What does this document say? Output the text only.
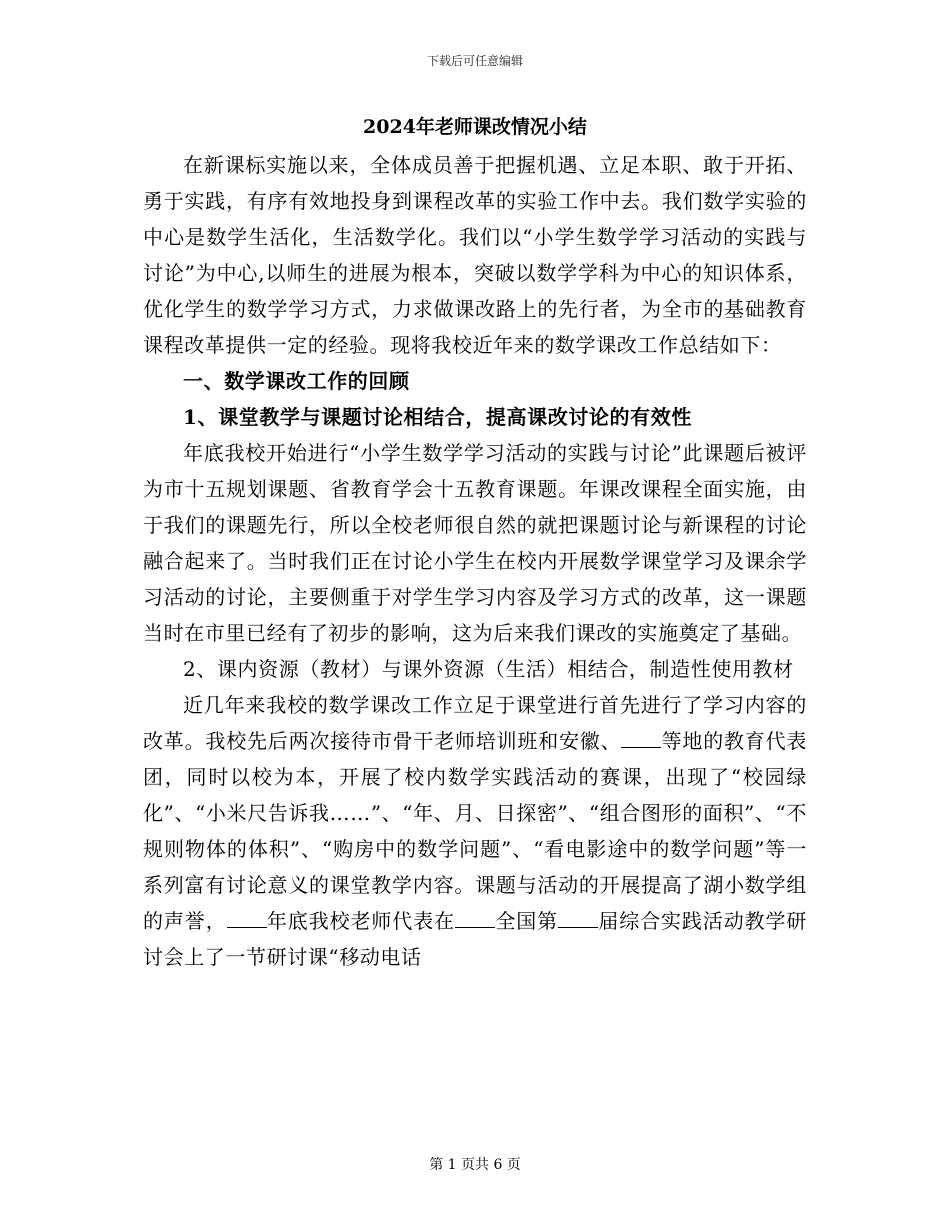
下载后可任意编辑
2024年老师课改情况小结

在新课标实施以来，全体成员善于把握机遇、立足本职、敢于开拓、勇于实践，有序有效地投身到课程改革的实验工作中去。我们数学实验的中心是数学生活化，生活数学化。我们以“小学生数学学习活动的实践与讨论”为中心,以师生的进展为根本，突破以数学学科为中心的知识体系，优化学生的数学学习方式，力求做课改路上的先行者，为全市的基础教育课程改革提供一定的经验。现将我校近年来的数学课改工作总结如下：

一、数学课改工作的回顾

1、课堂教学与课题讨论相结合，提高课改讨论的有效性

年底我校开始进行“小学生数学学习活动的实践与讨论”此课题后被评为市十五规划课题、省教育学会十五教育课题。年课改课程全面实施，由于我们的课题先行，所以全校老师很自然的就把课题讨论与新课程的讨论融合起来了。当时我们正在讨论小学生在校内开展数学课堂学习及课余学习活动的讨论，主要侧重于对学生学习内容及学习方式的改革，这一课题当时在市里已经有了初步的影响，这为后来我们课改的实施奠定了基础。

2、课内资源（教材）与课外资源（生活）相结合，制造性使用教材

近几年来我校的数学课改工作立足于课堂进行首先进行了学习内容的改革。我校先后两次接待市骨干老师培训班和安徽、 等地的教育代表团，同时以校为本，开展了校内数学实践活动的赛课，出现了“校园绿化”、“小米尺告诉我……”、“年、月、日探密”、“组合图形的面积”、“不规则物体的体积”、“购房中的数学问题”、“看电影途中的数学问题”等一系列富有讨论意义的课堂教学内容。课题与活动的开展提高了湖小数学组的声誉， 年底我校老师代表在 全国第 届综合实践活动教学研讨会上了一节研讨课“移动电话

第 1 页共 6 页
